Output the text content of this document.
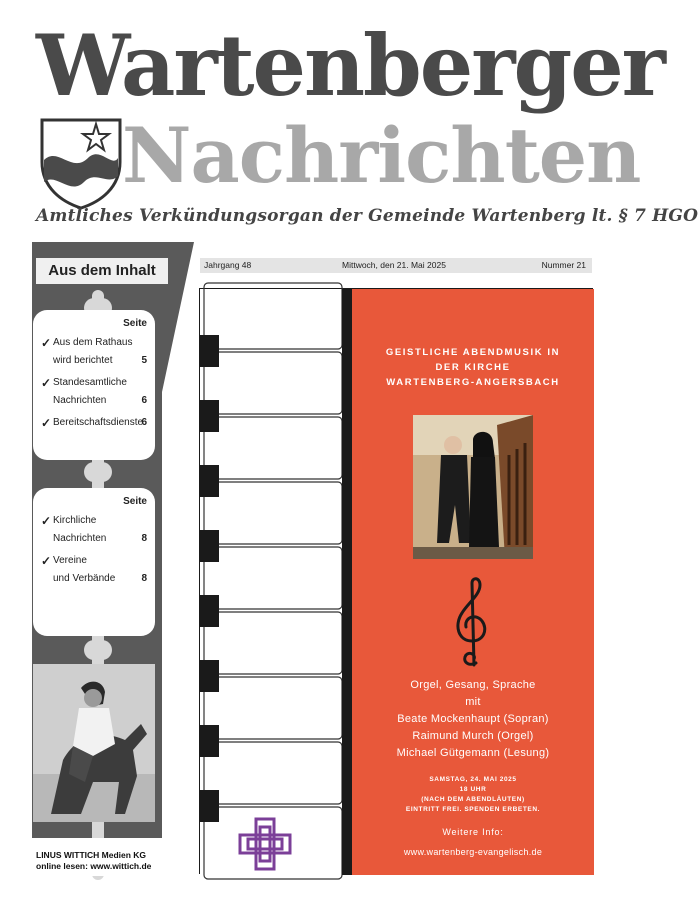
Wartenberger
Nachrichten
Amtliches Verkündungsorgan der Gemeinde Wartenberg lt. § 7 HGO
Aus dem Inhalt
Seite
✓ Aus dem Rathaus
wird berichtet	5
✓ Standesamtliche
Nachrichten	6
✓ Bereitschaftsdienste
6
Seite
✓ Kirchliche
Nachrichten	8
✓ Vereine
und Verbände	8
LINUS WITTICH Medien KG
online lesen: www.wittich.de
Jahrgang 48	Mittwoch, den 21. Mai 2025	Nummer 21
GEISTLICHE ABENDMUSIK IN
DER KIRCHE
WARTENBERG-ANGERSBACH
Orgel, Gesang, Sprache
mit
Beate Mockenhaupt (Sopran)
Raimund Murch (Orgel)
Michael Gütgemann (Lesung)
SAMSTAG, 24. MAI 2025
18 UHR
(NACH DEM ABENDLÄUTEN)
EINTRITT FREI. SPENDEN ERBETEN.
Weitere Info:
www.wartenberg-evangelisch.de
